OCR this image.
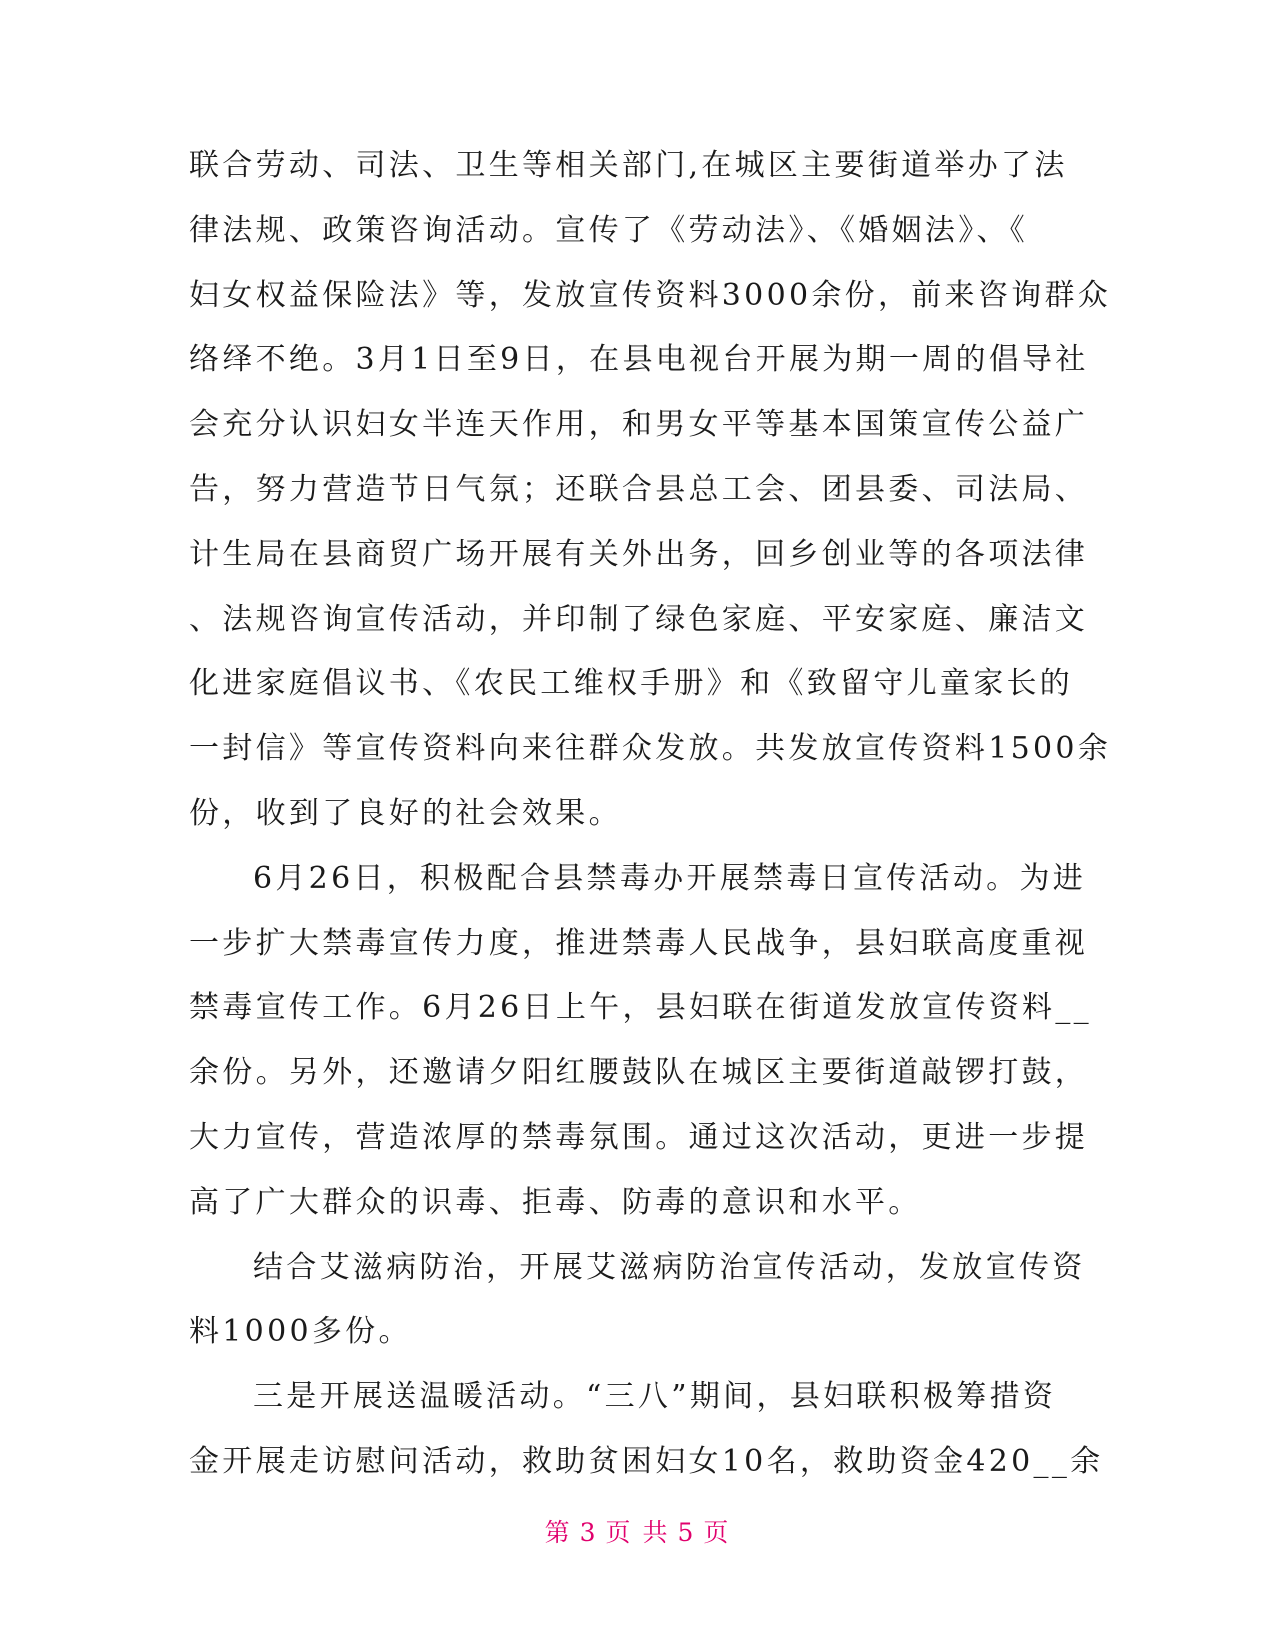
联合劳动、司法、卫生等相关部门,在城区主要街道举办了法
律法规、政策咨询活动。宣传了《劳动法》、《婚姻法》、《
妇女权益保险法》等，发放宣传资料3000余份，前来咨询群众
络绎不绝。3月1日至9日，在县电视台开展为期一周的倡导社
会充分认识妇女半连天作用，和男女平等基本国策宣传公益广
告，努力营造节日气氛；还联合县总工会、团县委、司法局、
计生局在县商贸广场开展有关外出务，回乡创业等的各项法律
、法规咨询宣传活动，并印制了绿色家庭、平安家庭、廉洁文
化进家庭倡议书、《农民工维权手册》和《致留守儿童家长的
一封信》等宣传资料向来往群众发放。共发放宣传资料1500余
份，收到了良好的社会效果。
6月26日，积极配合县禁毒办开展禁毒日宣传活动。为进
一步扩大禁毒宣传力度，推进禁毒人民战争，县妇联高度重视
禁毒宣传工作。6月26日上午，县妇联在街道发放宣传资料__
余份。另外，还邀请夕阳红腰鼓队在城区主要街道敲锣打鼓，
大力宣传，营造浓厚的禁毒氛围。通过这次活动，更进一步提
高了广大群众的识毒、拒毒、防毒的意识和水平。
结合艾滋病防治，开展艾滋病防治宣传活动，发放宣传资
料1000多份。
三是开展送温暖活动。“三八”期间，县妇联积极筹措资
金开展走访慰问活动，救助贫困妇女10名，救助资金420__余
第 3 页 共 5 页
